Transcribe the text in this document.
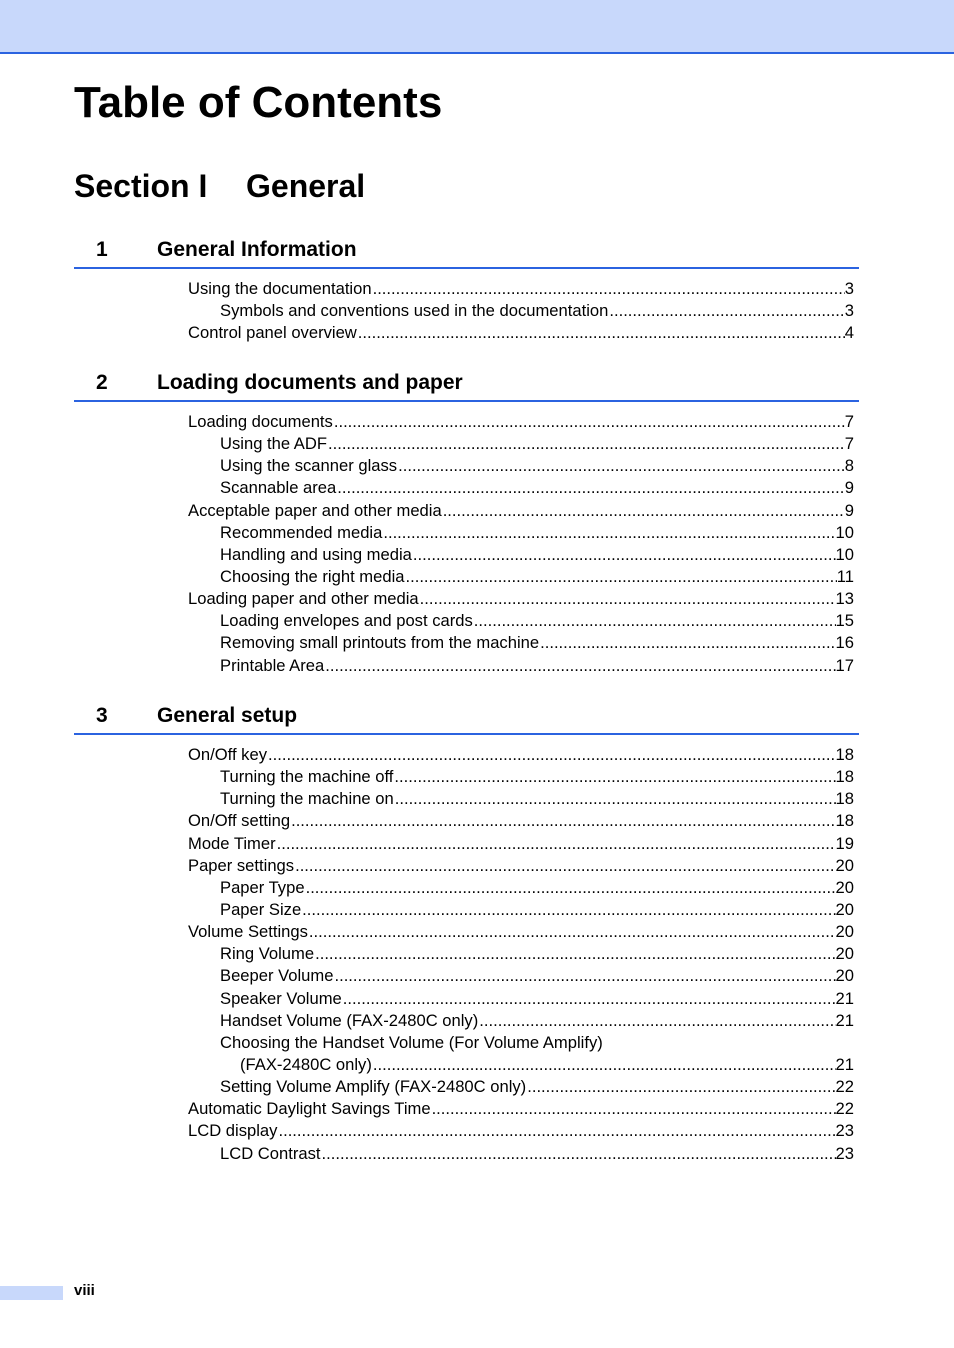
Table of Contents
Section I General
1 General Information
Using the documentation .....	3
Symbols and conventions used in the documentation .....	3
Control panel overview .....	4
2 Loading documents and paper
Loading documents .....	7
Using the ADF .....	7
Using the scanner glass .....	8
Scannable area .....	9
Acceptable paper and other media .....	9
Recommended media .....	10
Handling and using media .....	10
Choosing the right media .....	11
Loading paper and other media .....	13
Loading envelopes and post cards .....	15
Removing small printouts from the machine .....	16
Printable Area .....	17
3 General setup
On/Off key .....	18
Turning the machine off .....	18
Turning the machine on .....	18
On/Off setting .....	18
Mode Timer .....	19
Paper settings .....	20
Paper Type .....	20
Paper Size .....	20
Volume Settings .....	20
Ring Volume .....	20
Beeper Volume .....	20
Speaker Volume .....	21
Handset Volume (FAX-2480C only) .....	21
Choosing the Handset Volume (For Volume Amplify)
(FAX-2480C only) .....	21
Setting Volume Amplify (FAX-2480C only) .....	22
Automatic Daylight Savings Time .....	22
LCD display .....	23
LCD Contrast .....	23
viii
